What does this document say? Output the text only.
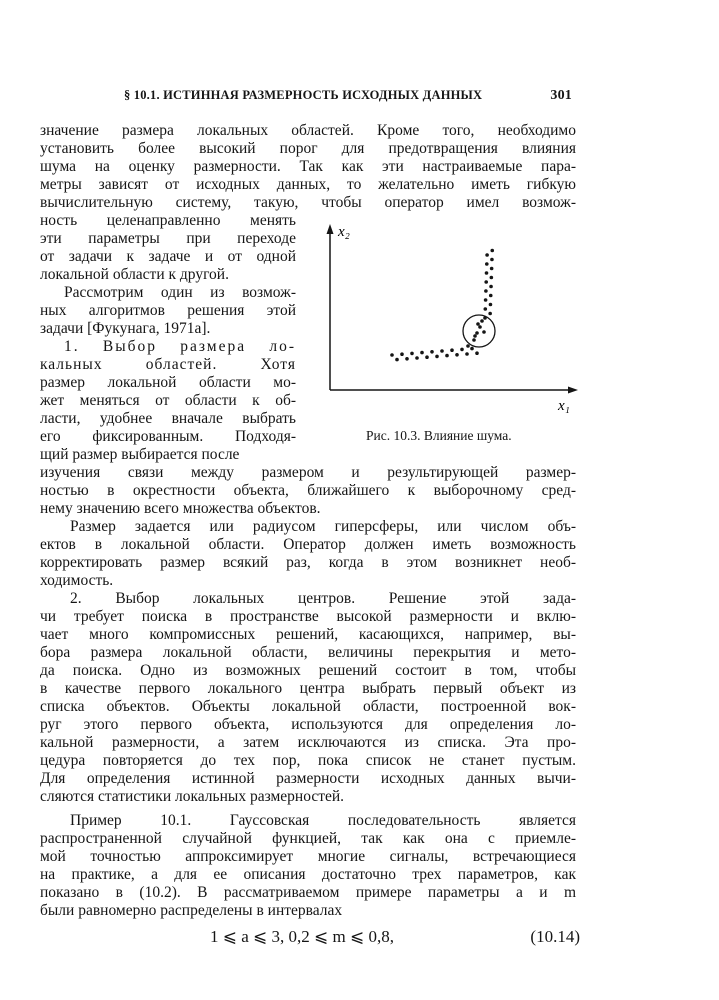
§ 10.1. ИСТИННАЯ РАЗМЕРНОСТЬ ИСХОДНЫХ ДАННЫХ	301
значение размера локальных областей. Кроме того, необходимо
установить более высокий порог для предотвращения влияния
шума на оценку размерности. Так как эти настраиваемые пара-
метры зависят от исходных данных, то желательно иметь гибкую
вычислительную систему, такую, чтобы оператор имел возмож-
ность целенаправленно менять
эти параметры при переходе
от задачи к задаче и от одной
локальной области к другой.
Рассмотрим один из возмож-
ных алгоритмов решения этой
задачи [Фукунага, 1971а].
1. Выбор размера ло-
кальных областей. Хотя
размер локальной области мо-
жет меняться от области к об-
ласти, удобнее вначале выбрать
его фиксированным. Подходя-
щий размер выбирается после
x₂
x₁
Рис. 10.3. Влияние шума.
изучения связи между размером и результирующей размер-
ностью в окрестности объекта, ближайшего к выборочному сред-
нему значению всего множества объектов.
Размер задается или радиусом гиперсферы, или числом объ-
ектов в локальной области. Оператор должен иметь возможность
корректировать размер всякий раз, когда в этом возникнет необ-
ходимость.
2. Выбор локальных центров. Решение этой зада-
чи требует поиска в пространстве высокой размерности и вклю-
чает много компромиссных решений, касающихся, например, вы-
бора размера локальной области, величины перекрытия и мето-
да поиска. Одно из возможных решений состоит в том, чтобы
в качестве первого локального центра выбрать первый объект из
списка объектов. Объекты локальной области, построенной вок-
руг этого первого объекта, используются для определения ло-
кальной размерности, а затем исключаются из списка. Эта про-
цедура повторяется до тех пор, пока список не станет пустым.
Для определения истинной размерности исходных данных вычи-
сляются статистики локальных размерностей.
Пример 10.1. Гауссовская последовательность является
распространенной случайной функцией, так как она с приемле-
мой точностью аппроксимирует многие сигналы, встречающиеся
на практике, а для ее описания достаточно трех параметров, как
показано в (10.2). В рассматриваемом примере параметры a и m
были равномерно распределены в интервалах
1 ⩽ a ⩽ 3, 0,2 ⩽ m ⩽ 0,8,	(10.14)
